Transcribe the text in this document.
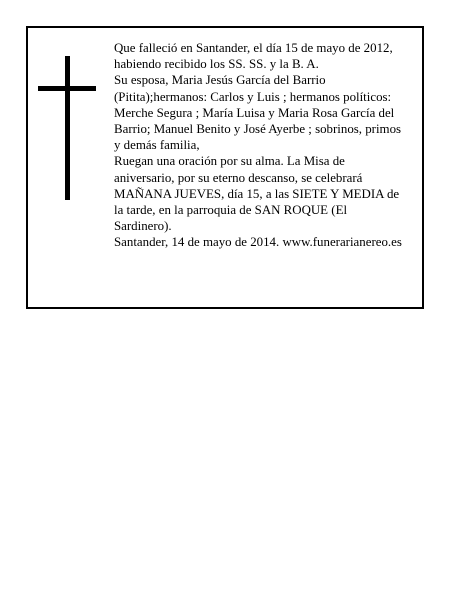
Que falleció en Santander, el día 15 de mayo de 2012,
habiendo recibido los SS. SS. y la B. A.

Su esposa, Maria Jesús García del Barrio
(Pitita);hermanos: Carlos y Luis ; hermanos políticos:
Merche Segura ; María Luisa y Maria Rosa García del
Barrio; Manuel Benito y José Ayerbe ; sobrinos, primos
y demás familia,

Ruegan una oración por su alma. La Misa de
aniversario, por su eterno descanso, se celebrará
MAÑANA JUEVES, día 15, a las SIETE Y MEDIA de
la tarde, en la parroquia de SAN ROQUE (El
Sardinero).

Santander, 14 de mayo de 2014. www.funerarianereo.es
